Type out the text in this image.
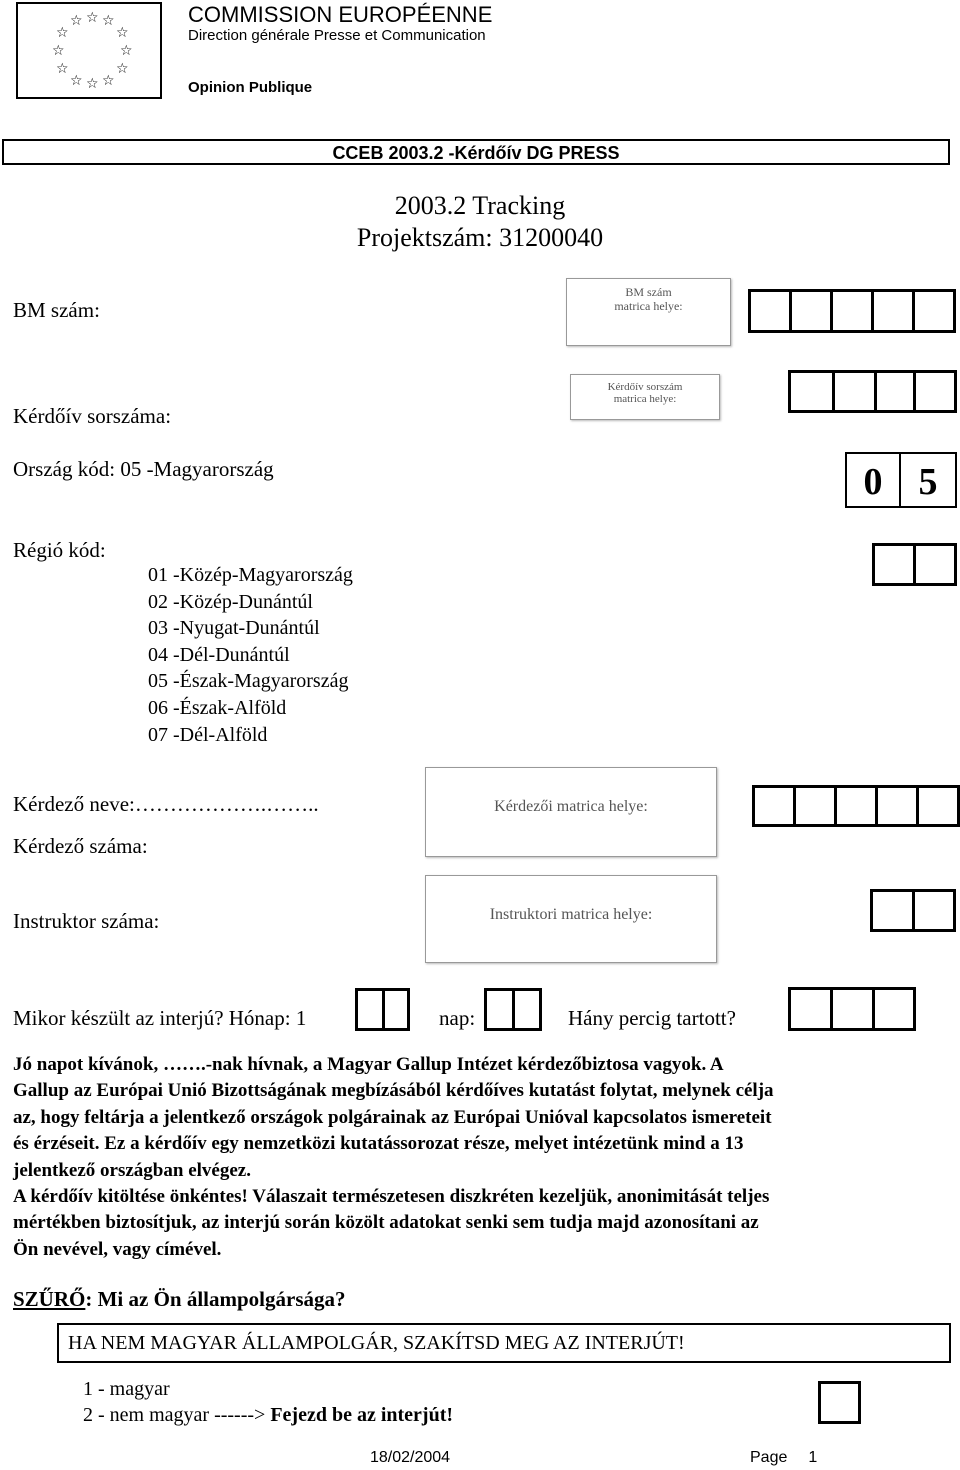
☆ ☆ ☆
☆	☆
☆	☆
☆	☆
☆ ☆ ☆
COMMISSION EUROPÉENNE
Direction générale Presse et Communication
Opinion Publique
CCEB 2003.2 -Kérdőív DG PRESS
2003.2 Tracking
Projektszám: 31200040
BM szám:
BM szám
matrica helye:
Kérdőív sorszáma:
Kérdőív sorszám
matrica helye:
Ország kód: 05 -Magyarország	0 5
Régió kód:
01 -Közép-Magyarország
02 -Közép-Dunántúl
03 -Nyugat-Dunántúl
04 -Dél-Dunántúl
05 -Észak-Magyarország
06 -Észak-Alföld
07 -Dél-Alföld
Kérdező neve:……………….……..
Kérdező száma:
Kérdezői matrica helye:
Instruktor száma:	Instruktori matrica helye:
Mikor készült az interjú? Hónap: 1	nap:	Hány percig tartott?
Jó napot kívánok, …….-nak hívnak, a Magyar Gallup Intézet kérdezőbiztosa vagyok. A
Gallup az Európai Unió Bizottságának megbízásából kérdőíves kutatást folytat, melynek célja
az, hogy feltárja a jelentkező országok polgárainak az Európai Unióval kapcsolatos ismereteit
és érzéseit. Ez a kérdőív egy nemzetközi kutatássorozat része, melyet intézetünk mind a 13
jelentkező országban elvégez.
A kérdőív kitöltése önkéntes! Válaszait természetesen diszkréten kezeljük, anonimitását teljes
mértékben biztosítjuk, az interjú során közölt adatokat senki sem tudja majd azonosítani az
Ön nevével, vagy címével.
SZŰRŐ: Mi az Ön állampolgársága?
HA NEM MAGYAR ÁLLAMPOLGÁR, SZAKÍTSD MEG AZ INTERJÚT!
1 - magyar
2 - nem magyar ------> Fejezd be az interjút!
18/02/2004	Page 1
